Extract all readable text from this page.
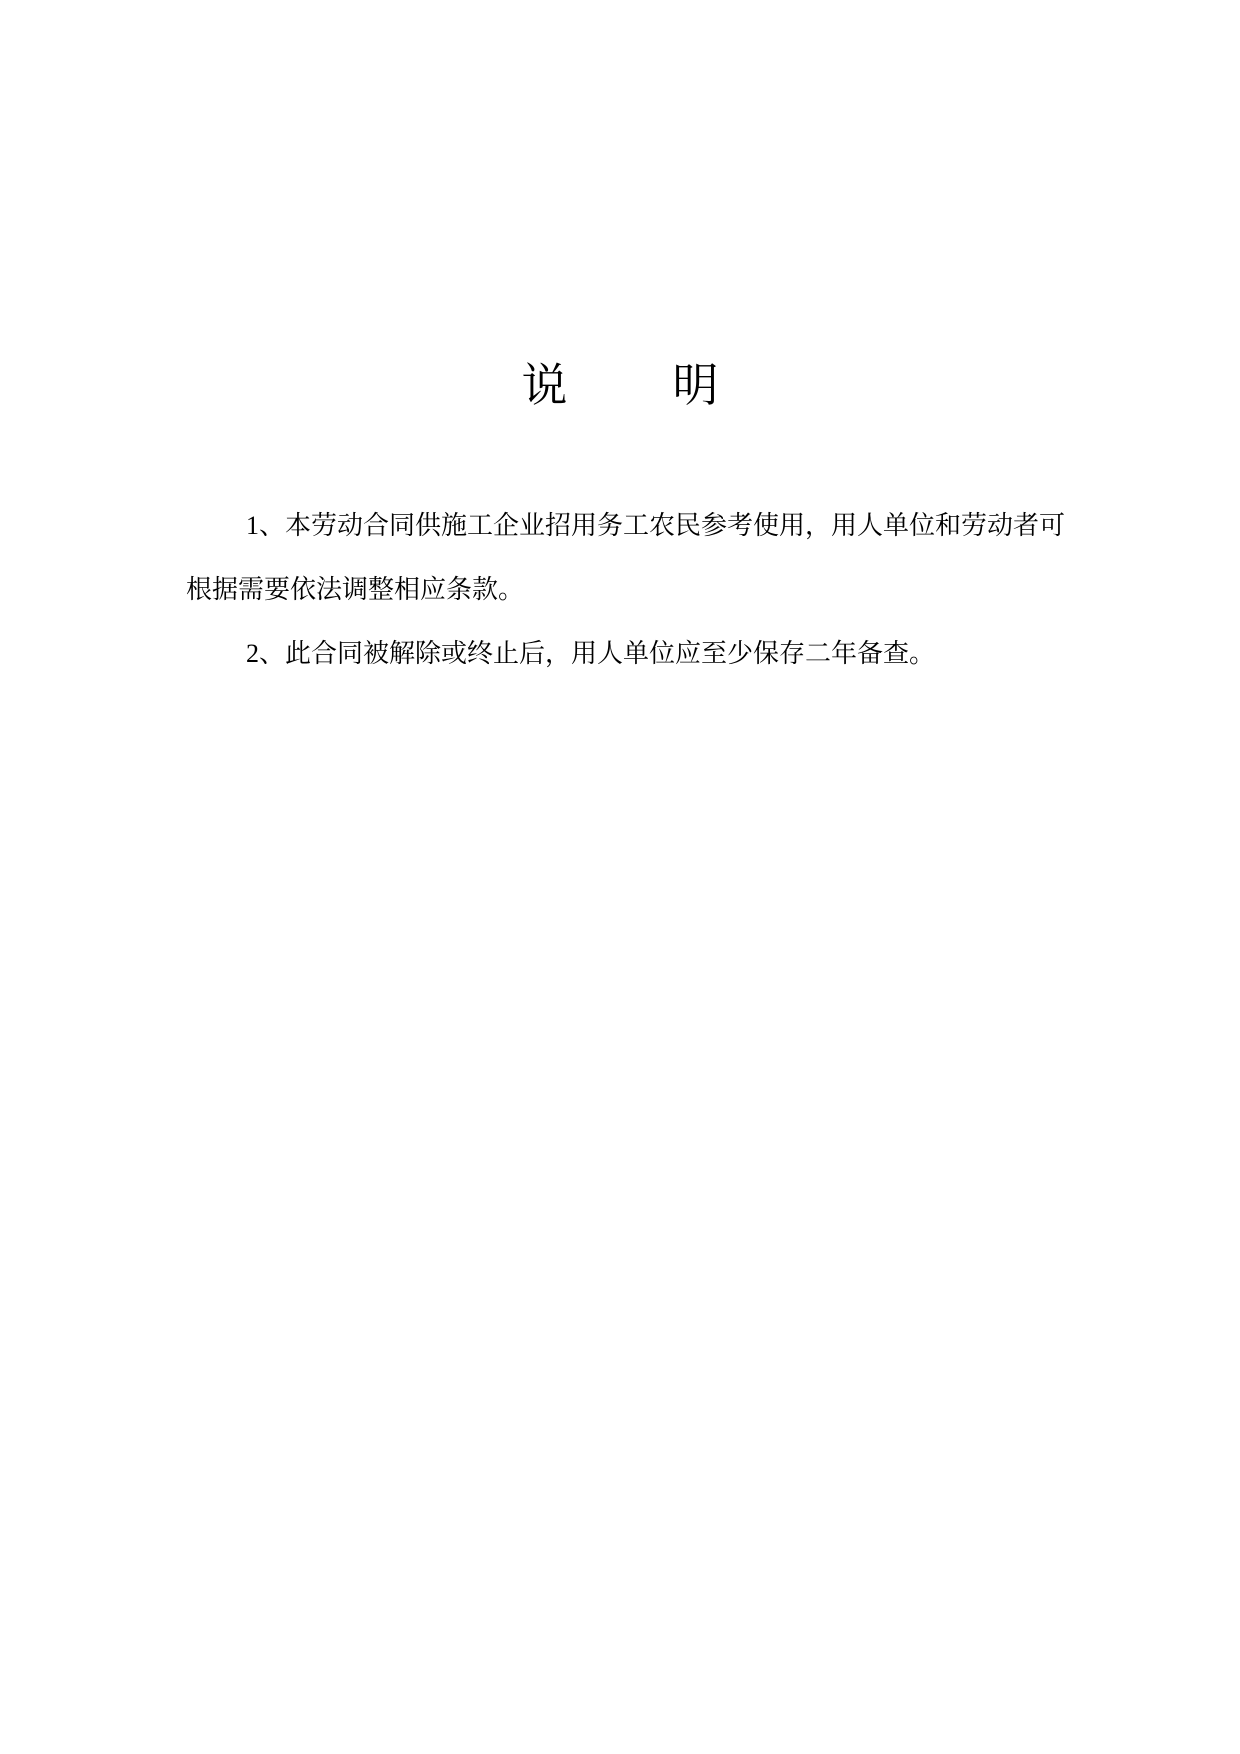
说 明

1、本劳动合同供施工企业招用务工农民参考使用，用人单位和劳动者可根据需要依法调整相应条款。

2、此合同被解除或终止后，用人单位应至少保存二年备查。
